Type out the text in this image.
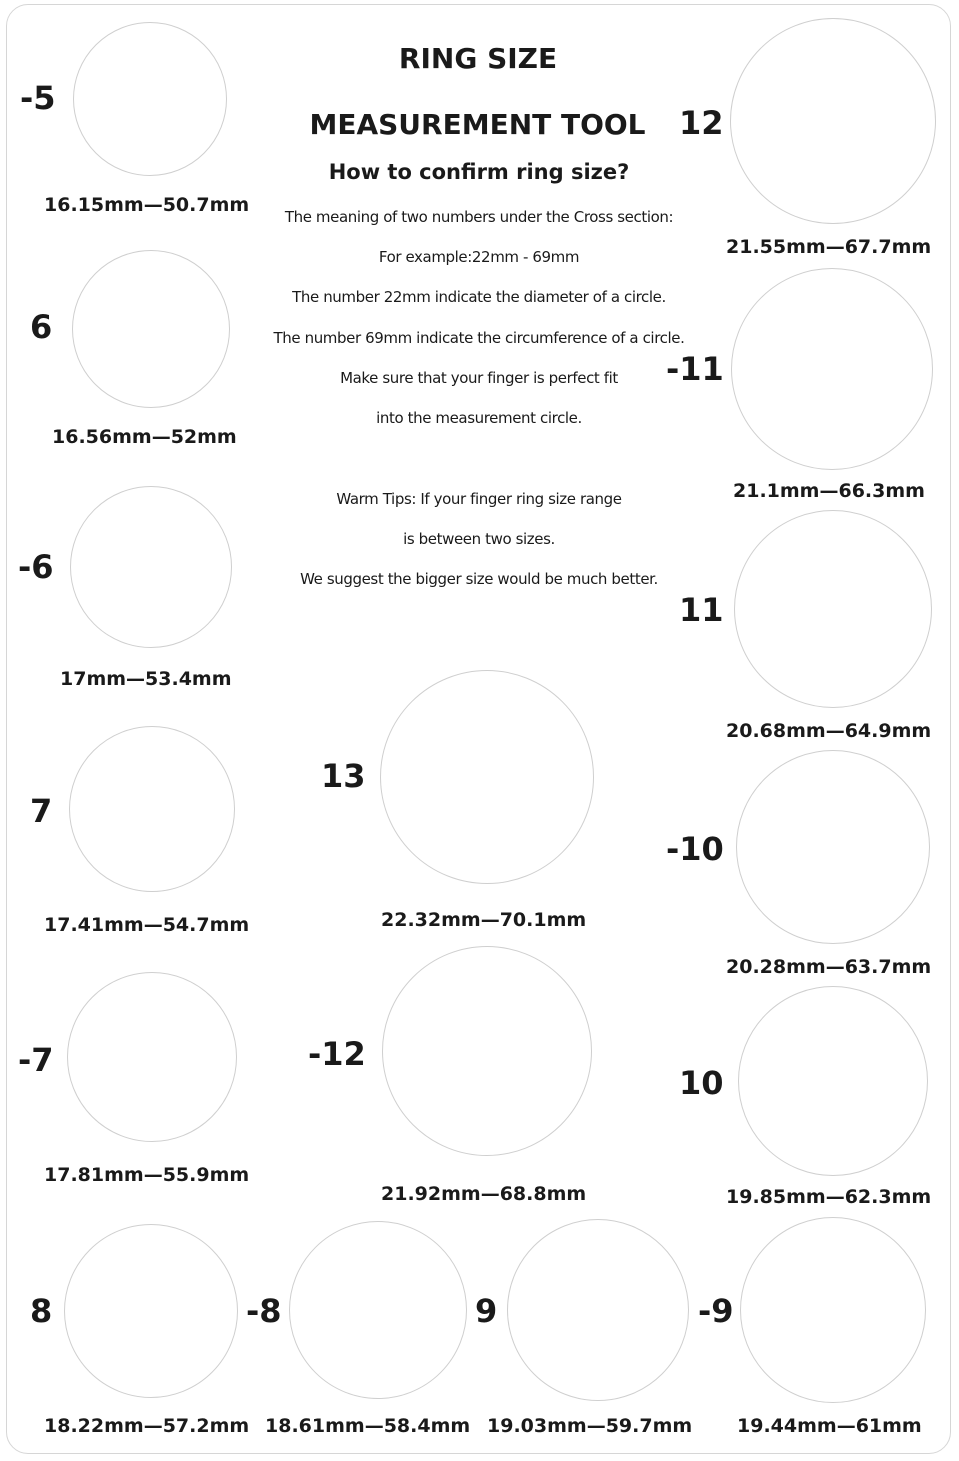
RING SIZE
MEASUREMENT TOOL
How to confirm ring size?
The meaning of two numbers under the Cross section:
For example:22mm - 69mm
The number 22mm indicate the diameter of a circle.
The number 69mm indicate the circumference of a circle.
Make sure that your finger is perfect fit
into the measurement circle.
Warm Tips: If your finger ring size range
is between two sizes.
We suggest the bigger size would be much better.
-5
16.15mm—50.7mm
6
16.56mm—52mm
-6
17mm—53.4mm
7
17.41mm—54.7mm
-7
17.81mm—55.9mm
8
18.22mm—57.2mm
-8
18.61mm—58.4mm
9
19.03mm—59.7mm
-9
19.44mm—61mm
12
21.55mm—67.7mm
-11
21.1mm—66.3mm
11
20.68mm—64.9mm
-10
20.28mm—63.7mm
10
19.85mm—62.3mm
13
22.32mm—70.1mm
-12
21.92mm—68.8mm
